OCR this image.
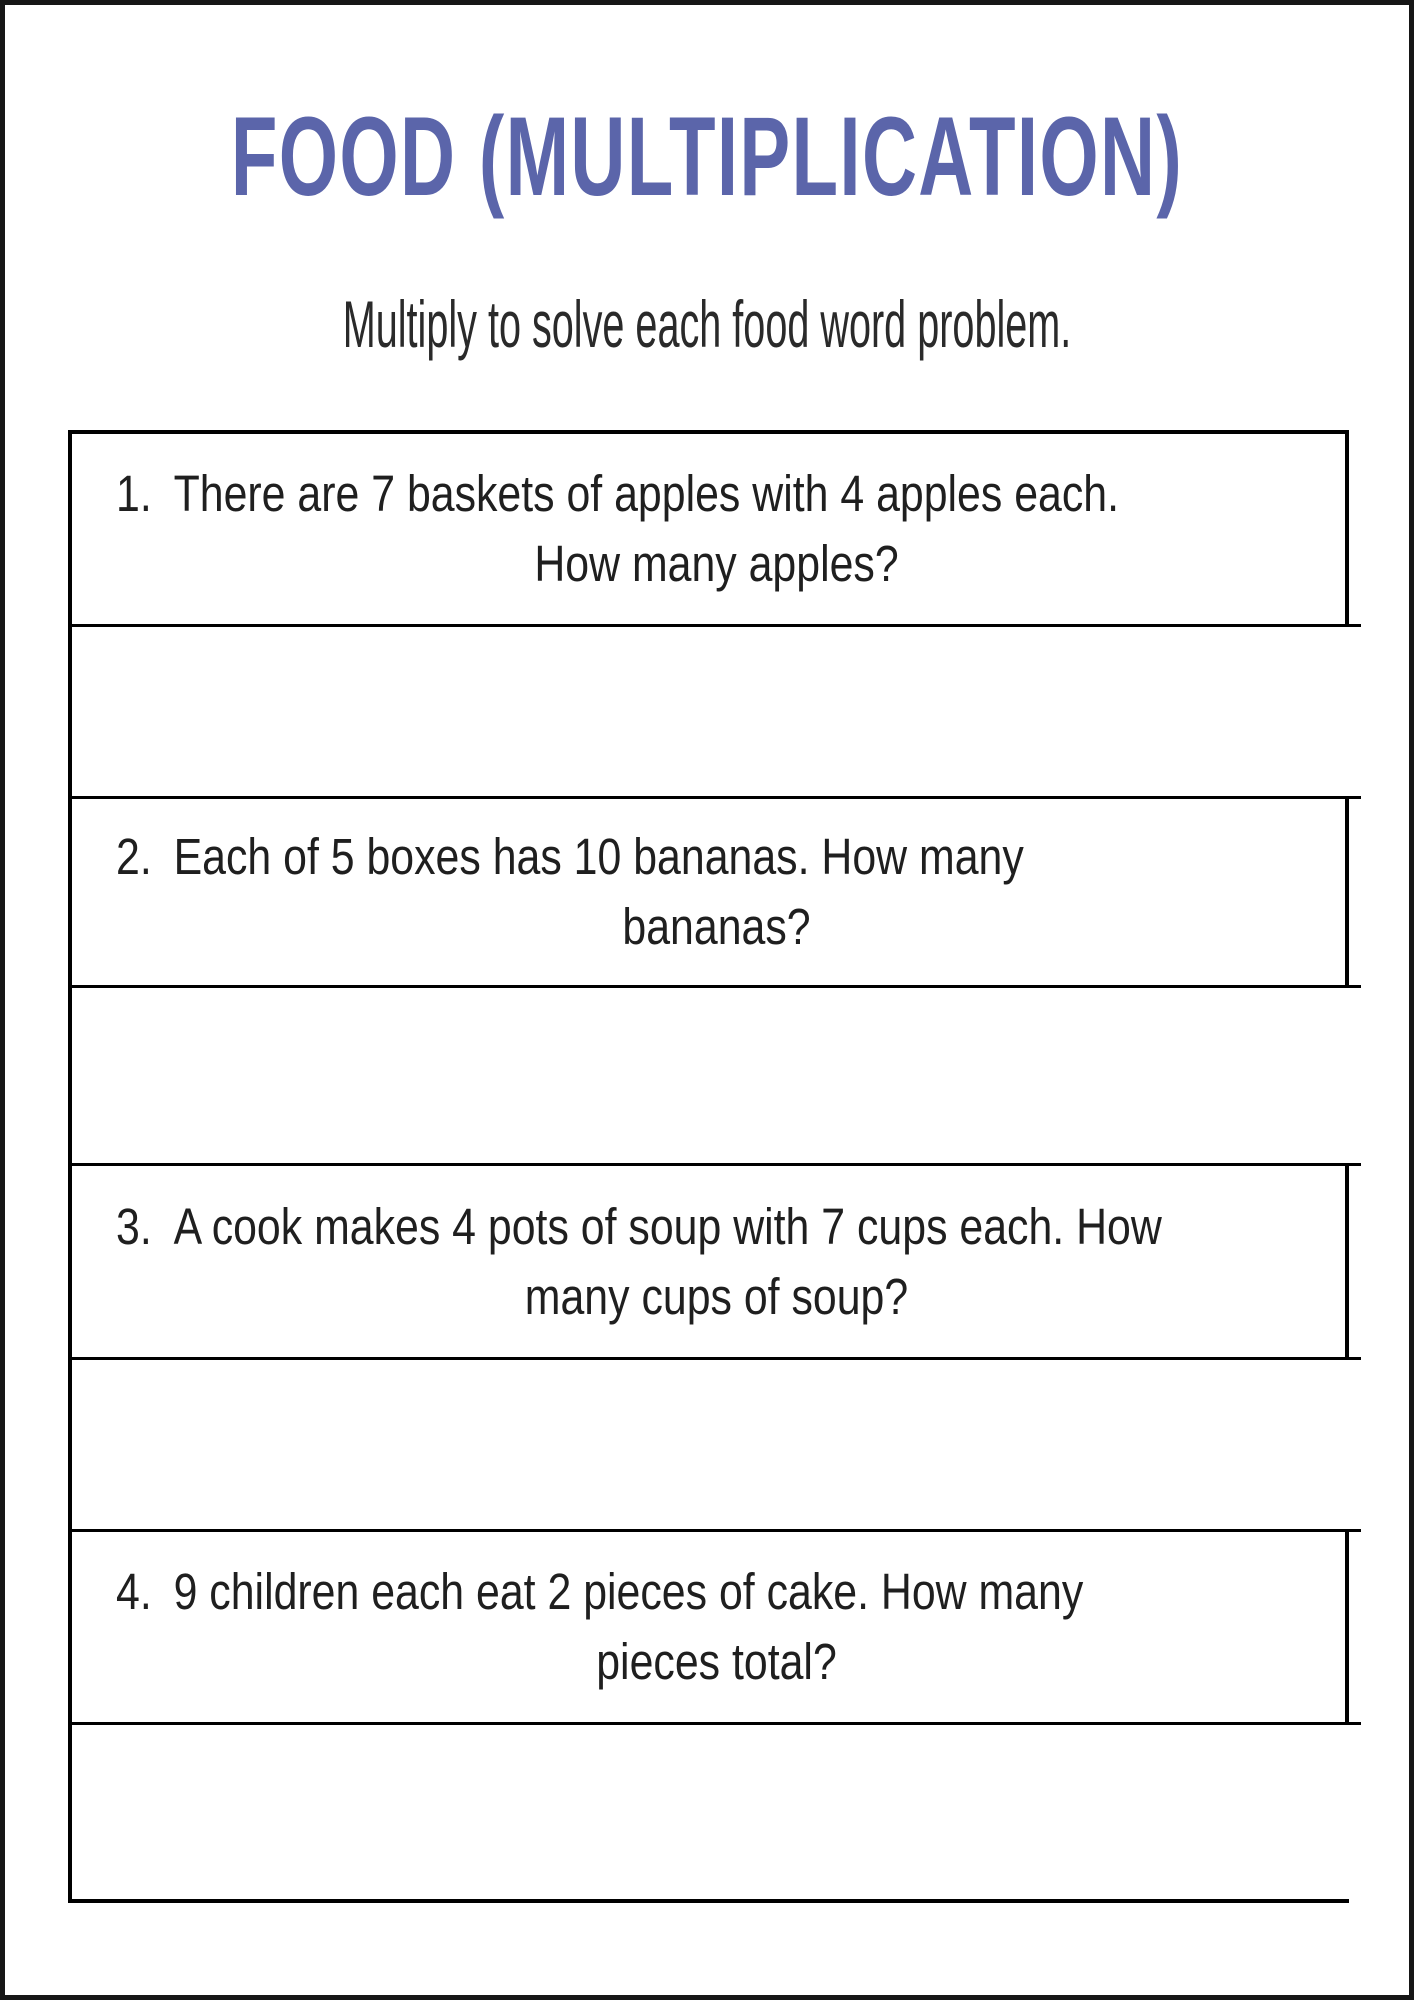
FOOD (MULTIPLICATION)
Multiply to solve each food word problem.
1. There are 7 baskets of apples with 4 apples each.
How many apples?
2. Each of 5 boxes has 10 bananas. How many
bananas?
3. A cook makes 4 pots of soup with 7 cups each. How
many cups of soup?
4. 9 children each eat 2 pieces of cake. How many
pieces total?
